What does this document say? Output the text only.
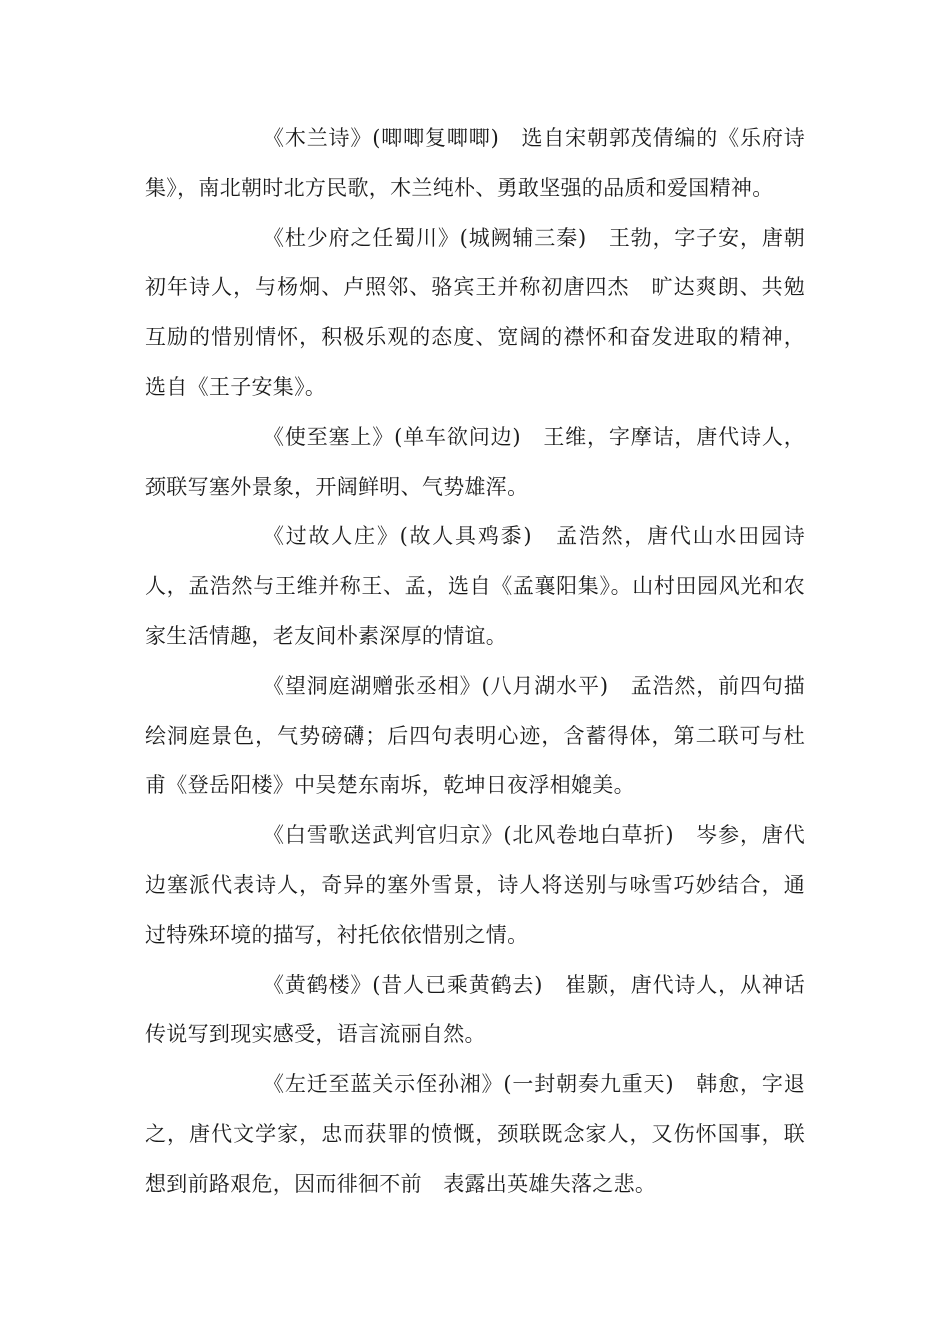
《木兰诗》(唧唧复唧唧)　选自宋朝郭茂倩编的《乐府诗集》，南北朝时北方民歌，木兰纯朴、勇敢坚强的品质和爱国精神。

《杜少府之任蜀川》(城阙辅三秦)　王勃，字子安，唐朝初年诗人，与杨炯、卢照邻、骆宾王并称初唐四杰　旷达爽朗、共勉互励的惜别情怀，积极乐观的态度、宽阔的襟怀和奋发进取的精神，选自《王子安集》。

《使至塞上》(单车欲问边)　王维，字摩诘，唐代诗人，颈联写塞外景象，开阔鲜明、气势雄浑。

《过故人庄》(故人具鸡黍)　孟浩然，唐代山水田园诗人，孟浩然与王维并称王、孟，选自《孟襄阳集》。山村田园风光和农家生活情趣，老友间朴素深厚的情谊。

《望洞庭湖赠张丞相》(八月湖水平)　孟浩然，前四句描绘洞庭景色，气势磅礴；后四句表明心迹，含蓄得体，第二联可与杜甫《登岳阳楼》中吴楚东南坼，乾坤日夜浮相媲美。

《白雪歌送武判官归京》(北风卷地白草折)　岑参，唐代边塞派代表诗人，奇异的塞外雪景，诗人将送别与咏雪巧妙结合，通过特殊环境的描写，衬托依依惜别之情。

《黄鹤楼》(昔人已乘黄鹤去)　崔颢，唐代诗人，从神话传说写到现实感受，语言流丽自然。

《左迁至蓝关示侄孙湘》(一封朝奏九重天)　韩愈，字退之，唐代文学家，忠而获罪的愤慨，颈联既念家人，又伤怀国事，联想到前路艰危，因而徘徊不前　表露出英雄失落之悲。
